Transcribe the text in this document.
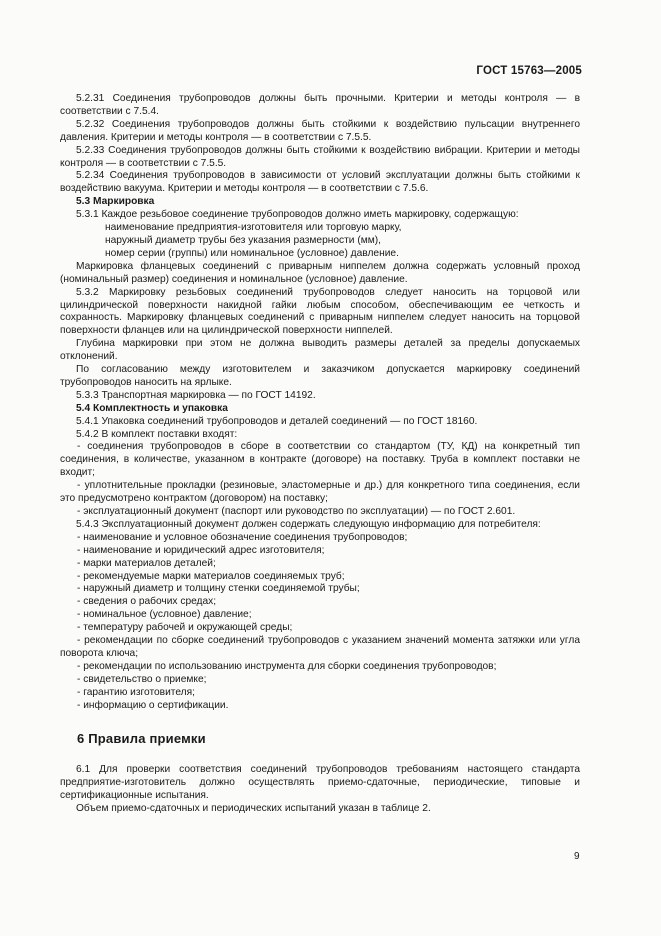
ГОСТ 15763—2005

5.2.31 Соединения трубопроводов должны быть прочными. Критерии и методы контроля — в соответствии с 7.5.4.

5.2.32 Соединения трубопроводов должны быть стойкими к воздействию пульсации внутреннего давления. Критерии и методы контроля — в соответствии с 7.5.5.

5.2.33 Соединения трубопроводов должны быть стойкими к воздействию вибрации. Критерии и методы контроля — в соответствии с 7.5.5.

5.2.34 Соединения трубопроводов в зависимости от условий эксплуатации должны быть стойкими к воздействию вакуума. Критерии и методы контроля — в соответствии с 7.5.6.

5.3 Маркировка

5.3.1 Каждое резьбовое соединение трубопроводов должно иметь маркировку, содержащую:

наименование предприятия-изготовителя или торговую марку,

наружный диаметр трубы без указания размерности (мм),

номер серии (группы) или номинальное (условное) давление.

Маркировка фланцевых соединений с приварным ниппелем должна содержать условный проход (номинальный размер) соединения и номинальное (условное) давление.

5.3.2 Маркировку резьбовых соединений трубопроводов следует наносить на торцовой или цилиндрической поверхности накидной гайки любым способом, обеспечивающим ее четкость и сохранность. Маркировку фланцевых соединений с приварным ниппелем следует наносить на торцовой поверхности фланцев или на цилиндрической поверхности ниппелей.

Глубина маркировки при этом не должна выводить размеры деталей за пределы допускаемых отклонений.

По согласованию между изготовителем и заказчиком допускается маркировку соединений трубопроводов наносить на ярлыке.

5.3.3 Транспортная маркировка — по ГОСТ 14192.

5.4 Комплектность и упаковка

5.4.1 Упаковка соединений трубопроводов и деталей соединений — по ГОСТ 18160.

5.4.2 В комплект поставки входят:

- соединения трубопроводов в сборе в соответствии со стандартом (ТУ, КД) на конкретный тип соединения, в количестве, указанном в контракте (договоре) на поставку. Труба в комплект поставки не входит;

- уплотнительные прокладки (резиновые, эластомерные и др.) для конкретного типа соединения, если это предусмотрено контрактом (договором) на поставку;

- эксплуатационный документ (паспорт или руководство по эксплуатации) — по ГОСТ 2.601.

5.4.3 Эксплуатационный документ должен содержать следующую информацию для потребителя:

- наименование и условное обозначение соединения трубопроводов;

- наименование и юридический адрес изготовителя;

- марки материалов деталей;

- рекомендуемые марки материалов соединяемых труб;

- наружный диаметр и толщину стенки соединяемой трубы;

- сведения о рабочих средах;

- номинальное (условное) давление;

- температуру рабочей и окружающей среды;

- рекомендации по сборке соединений трубопроводов с указанием значений момента затяжки или угла поворота ключа;

- рекомендации по использованию инструмента для сборки соединения трубопроводов;

- свидетельство о приемке;

- гарантию изготовителя;

- информацию о сертификации.

6 Правила приемки

6.1 Для проверки соответствия соединений трубопроводов требованиям настоящего стандарта предприятие-изготовитель должно осуществлять приемо-сдаточные, периодические, типовые и сертификационные испытания.

Объем приемо-сдаточных и периодических испытаний указан в таблице 2.

9
